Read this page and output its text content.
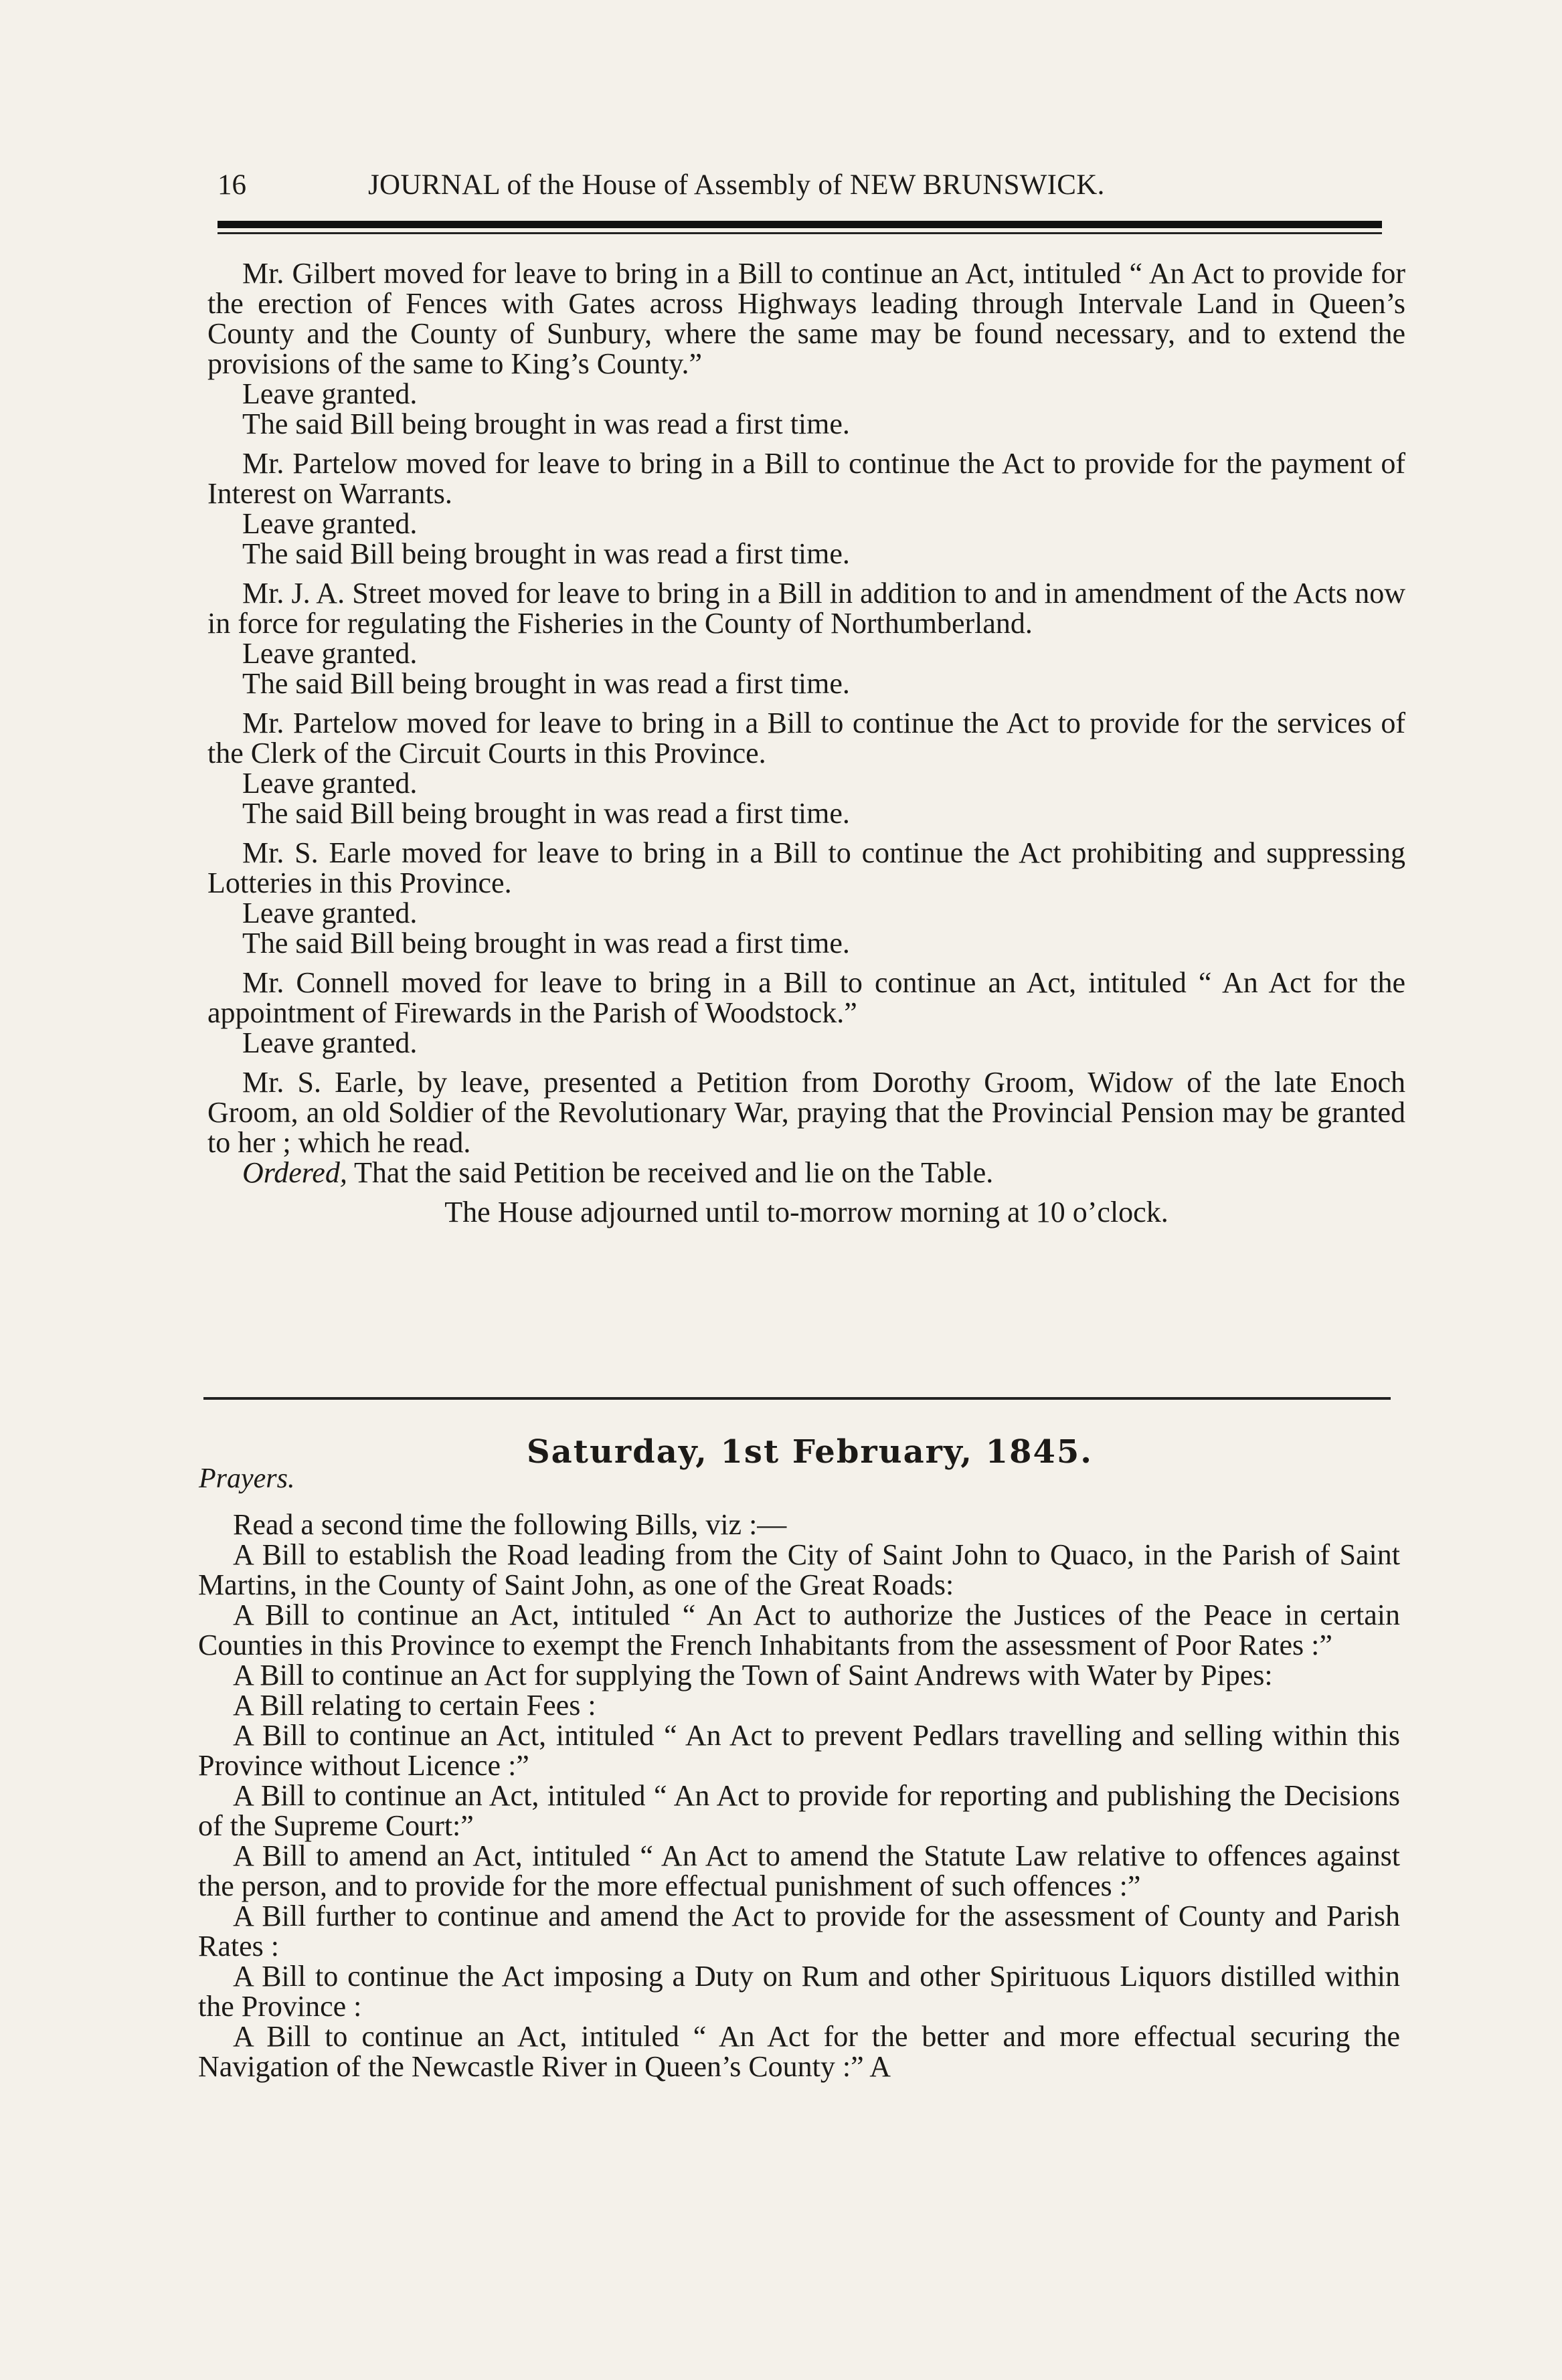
16	JOURNAL of the House of Assembly of NEW BRUNSWICK.

Mr. Gilbert moved for leave to bring in a Bill to continue an Act, intituled “ An Act to provide for the erection of Fences with Gates across Highways leading through Intervale Land in Queen’s County and the County of Sunbury, where the same may be found necessary, and to extend the provisions of the same to King’s County.”

Leave granted.

The said Bill being brought in was read a first time.

Mr. Partelow moved for leave to bring in a Bill to continue the Act to provide for the payment of Interest on Warrants.

Leave granted.

The said Bill being brought in was read a first time.

Mr. J. A. Street moved for leave to bring in a Bill in addition to and in amendment of the Acts now in force for regulating the Fisheries in the County of Northumberland.

Leave granted.

The said Bill being brought in was read a first time.

Mr. Partelow moved for leave to bring in a Bill to continue the Act to provide for the services of the Clerk of the Circuit Courts in this Province.

Leave granted.

The said Bill being brought in was read a first time.

Mr. S. Earle moved for leave to bring in a Bill to continue the Act prohibiting and suppressing Lotteries in this Province.

Leave granted.

The said Bill being brought in was read a first time.

Mr. Connell moved for leave to bring in a Bill to continue an Act, intituled “ An Act for the appointment of Firewards in the Parish of Woodstock.”

Leave granted.

Mr. S. Earle, by leave, presented a Petition from Dorothy Groom, Widow of the late Enoch Groom, an old Soldier of the Revolutionary War, praying that the Provincial Pension may be granted to her ; which he read.

Ordered, That the said Petition be received and lie on the Table.

The House adjourned until to-morrow morning at 10 o’clock.

Saturday, 1st February, 1845.
Prayers.

Read a second time the following Bills, viz :—

A Bill to establish the Road leading from the City of Saint John to Quaco, in the Parish of Saint Martins, in the County of Saint John, as one of the Great Roads:

A Bill to continue an Act, intituled “ An Act to authorize the Justices of the Peace in certain Counties in this Province to exempt the French Inhabitants from the assessment of Poor Rates :”

A Bill to continue an Act for supplying the Town of Saint Andrews with Water by Pipes:

A Bill relating to certain Fees :

A Bill to continue an Act, intituled “ An Act to prevent Pedlars travelling and selling within this Province without Licence :”

A Bill to continue an Act, intituled “ An Act to provide for reporting and publishing the Decisions of the Supreme Court:”

A Bill to amend an Act, intituled “ An Act to amend the Statute Law relative to offences against the person, and to provide for the more effectual punishment of such offences :”

A Bill further to continue and amend the Act to provide for the assessment of County and Parish Rates :

A Bill to continue the Act imposing a Duty on Rum and other Spirituous Liquors distilled within the Province :

A Bill to continue an Act, intituled “ An Act for the better and more effectual securing the Navigation of the Newcastle River in Queen’s County :” A
